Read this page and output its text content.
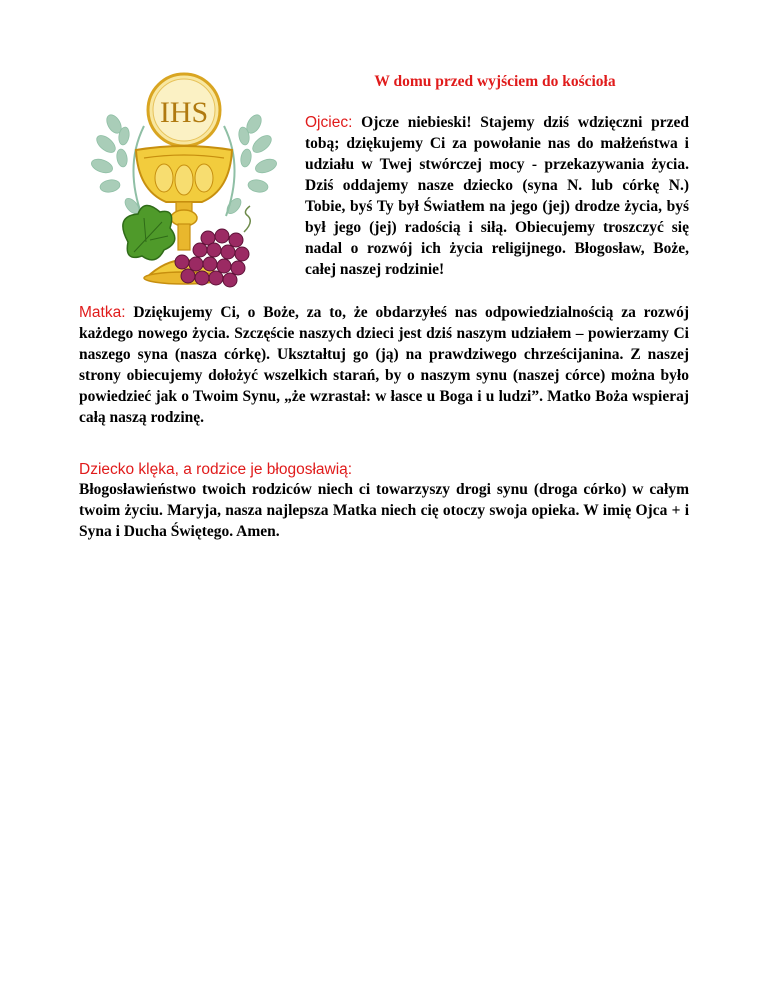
IHS
W domu przed wyjściem do kościoła

Ojciec: Ojcze niebieski! Stajemy dziś wdzięczni przed tobą; dziękujemy Ci za powołanie nas do małżeństwa i udziału w Twej stwórczej mocy - przekazywania życia. Dziś oddajemy nasze dziecko (syna N. lub córkę N.) Tobie, byś Ty był Światłem na jego (jej) drodze życia, byś był jego (jej) radością i siłą. Obiecujemy troszczyć się nadal o rozwój ich życia religijnego. Błogosław, Boże, całej naszej rodzinie!

Matka: Dziękujemy Ci, o Boże, za to, że obdarzyłeś nas odpowiedzialnością za rozwój każdego nowego życia. Szczęście naszych dzieci jest dziś naszym udziałem – powierzamy Ci naszego syna (nasza córkę). Ukształtuj go (ją) na prawdziwego chrześcijanina. Z naszej strony obiecujemy dołożyć wszelkich starań, by o naszym synu (naszej córce) można było powiedzieć jak o Twoim Synu, „że wzrastał: w łasce u Boga i u ludzi”. Matko Boża wspieraj całą naszą rodzinę.

Dziecko klęka, a rodzice je błogosławią:

Błogosławieństwo twoich rodziców niech ci towarzyszy drogi synu (droga córko) w całym twoim życiu. Maryja, nasza najlepsza Matka niech cię otoczy swoja opieka. W imię Ojca + i Syna i Ducha Świętego. Amen.
